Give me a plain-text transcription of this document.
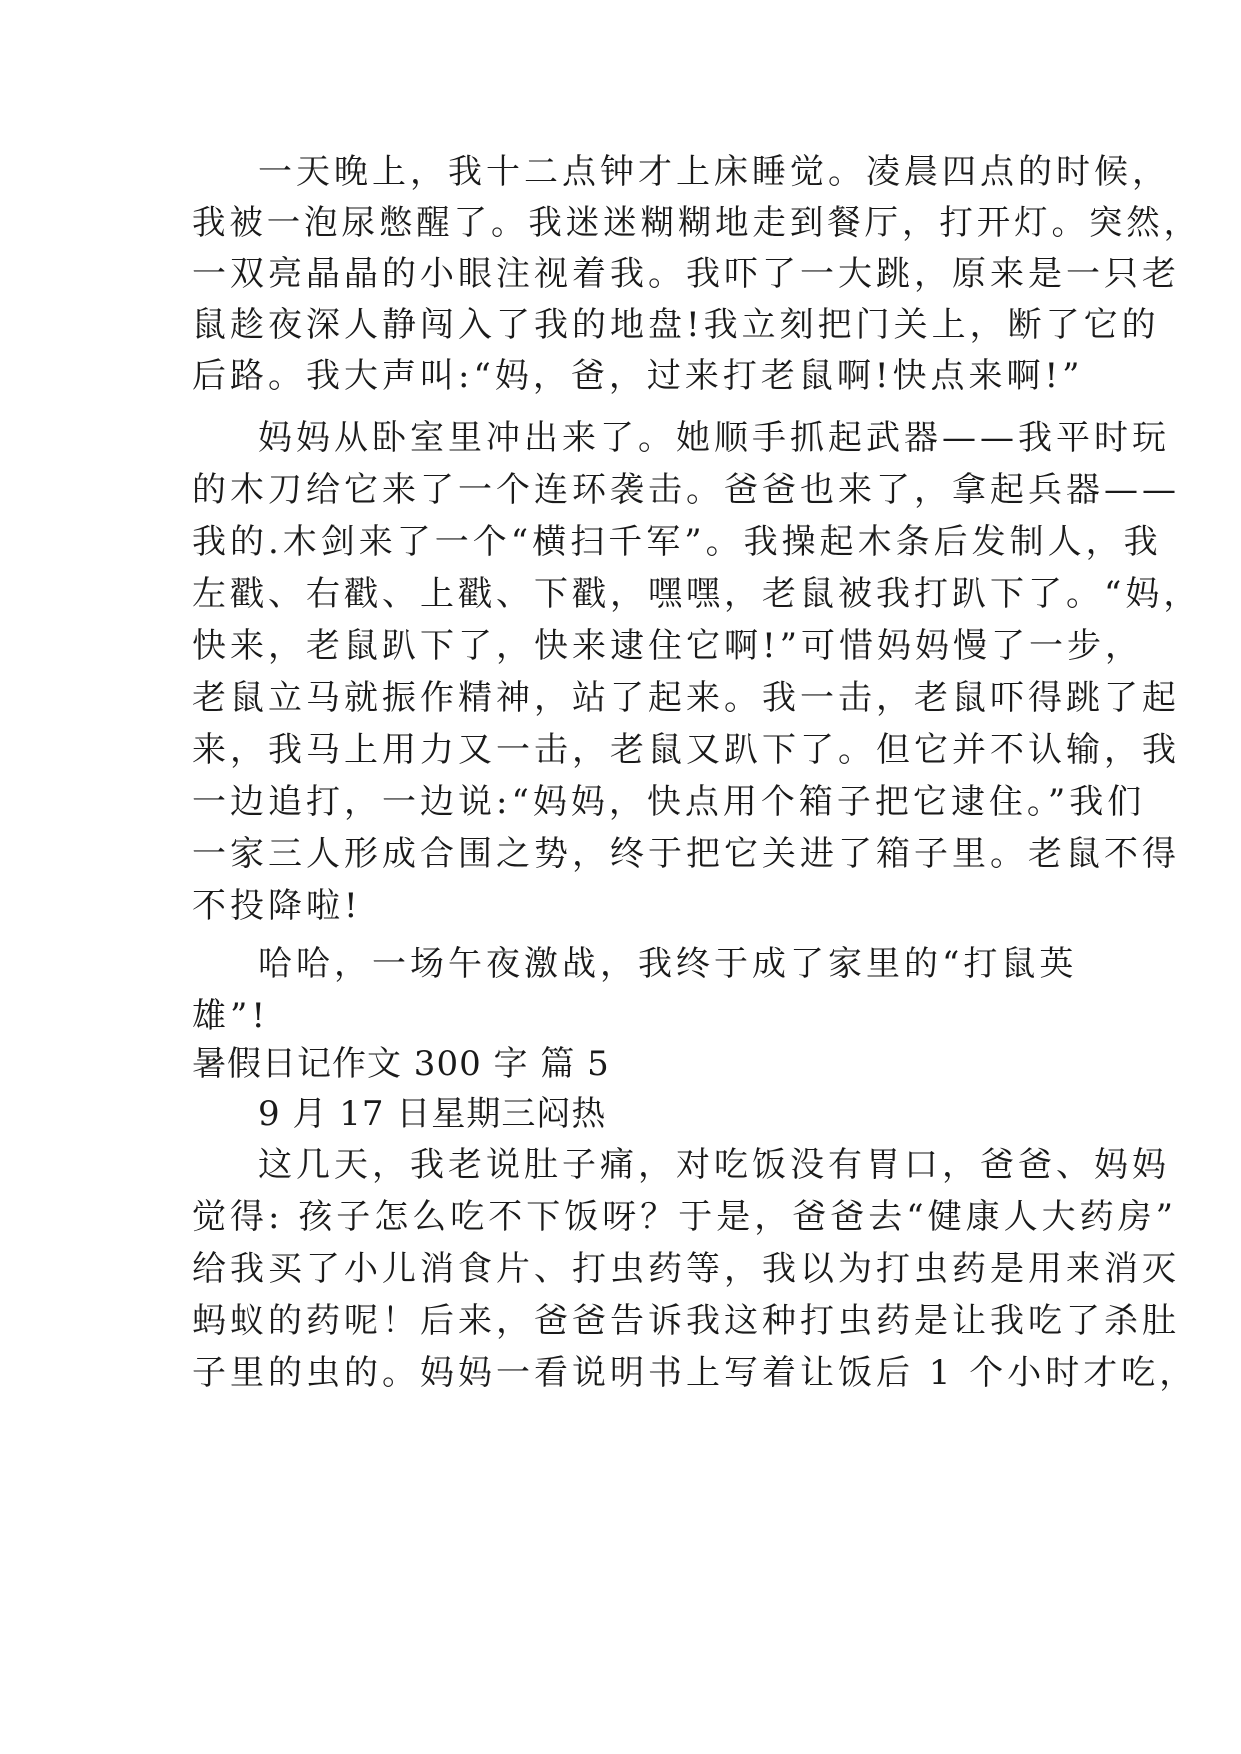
一天晚上，我十二点钟才上床睡觉。凌晨四点的时候，
我被一泡尿憋醒了。我迷迷糊糊地走到餐厅，打开灯。突然，
一双亮晶晶的小眼注视着我。我吓了一大跳，原来是一只老
鼠趁夜深人静闯入了我的地盘!我立刻把门关上，断了它的
后路。我大声叫:“妈，爸，过来打老鼠啊!快点来啊!”
妈妈从卧室里冲出来了。她顺手抓起武器——我平时玩
的木刀给它来了一个连环袭击。爸爸也来了，拿起兵器——
我的.木剑来了一个“横扫千军”。我操起木条后发制人，我
左戳、右戳、上戳、下戳，嘿嘿，老鼠被我打趴下了。“妈，
快来，老鼠趴下了，快来逮住它啊!”可惜妈妈慢了一步，
老鼠立马就振作精神，站了起来。我一击，老鼠吓得跳了起
来，我马上用力又一击，老鼠又趴下了。但它并不认输，我
一边追打，一边说:“妈妈，快点用个箱子把它逮住。”我们
一家三人形成合围之势，终于把它关进了箱子里。老鼠不得
不投降啦!
哈哈，一场午夜激战，我终于成了家里的“打鼠英
雄”!
暑假日记作文 300 字 篇 5
9 月 17 日星期三闷热
这几天，我老说肚子痛，对吃饭没有胃口，爸爸、妈妈
觉得: 孩子怎么吃不下饭呀？于是，爸爸去“健康人大药房”
给我买了小儿消食片、打虫药等，我以为打虫药是用来消灭
蚂蚁的药呢！后来，爸爸告诉我这种打虫药是让我吃了杀肚
子里的虫的。妈妈一看说明书上写着让饭后 1 个小时才吃，
